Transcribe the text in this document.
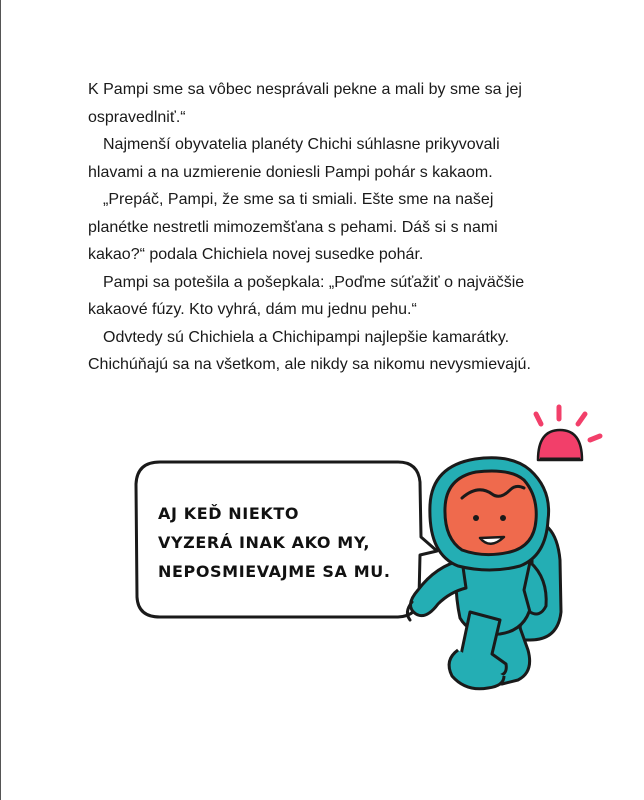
K Pampi sme sa vôbec nesprávali pekne a mali by sme sa jej ospravedlniť.“

Najmenší obyvatelia planéty Chichi súhlasne prikyvovali hlavami a na uzmierenie doniesli Pampi pohár s kakaom.

„Prepáč, Pampi, že sme sa ti smiali. Ešte sme na našej planétke nestretli mimozemšťana s pehami. Dáš si s nami kakao?“ podala Chichiela novej susedke pohár.

Pampi sa potešila a pošepkala: „Poďme súťažiť o najväčšie kakaové fúzy. Kto vyhrá, dám mu jednu pehu.“

Odvtedy sú Chichiela a Chichipampi najlepšie kamarátky. Chichúňajú sa na všetkom, ale nikdy sa nikomu nevysmievajú.

AJ KEĎ NIEKTO
VYZERÁ INAK AKO MY,
NEPOSMIEVAJME SA MU.
